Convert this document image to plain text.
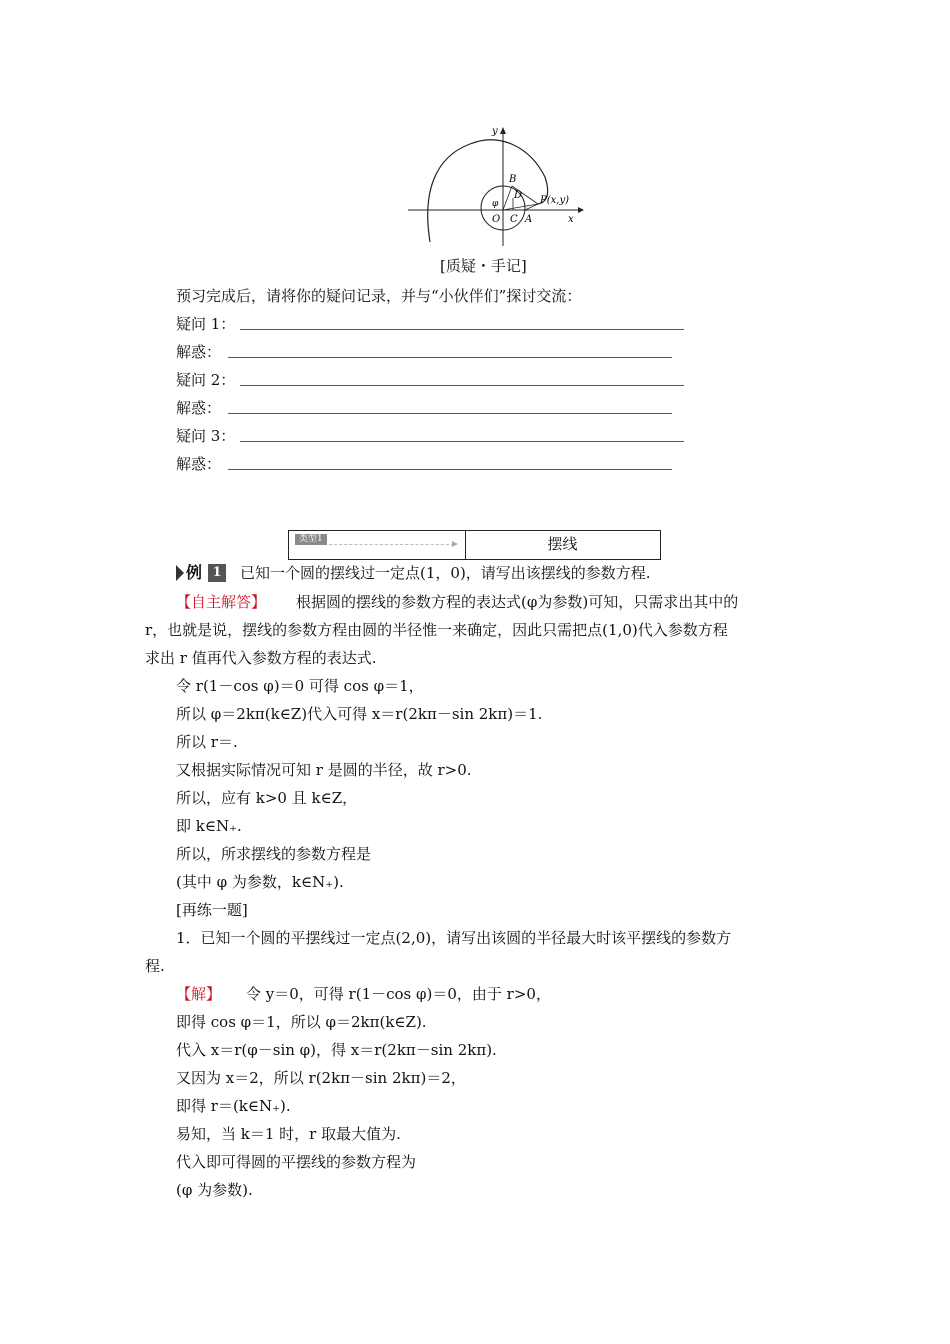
y
x
B
D P(x,y)
φ
O C A
[质疑・手记]
预习完成后，请将你的疑问记录，并与“小伙伴们”探讨交流：
疑问 1：
解惑：
疑问 2：
解惑：
疑问 3：
解惑：
类型1	摆线
例 1 已知一个圆的摆线过一定点(1，0)，请写出该摆线的参数方程.
【自主解答】 根据圆的摆线的参数方程的表达式(φ为参数)可知，只需求出其中的
r，也就是说，摆线的参数方程由圆的半径惟一来确定，因此只需把点(1,0)代入参数方程
求出 r 值再代入参数方程的表达式.
令 r(1－cos φ)＝0 可得 cos φ＝1，
所以 φ＝2kπ(k∈Z)代入可得 x＝r(2kπ－sin 2kπ)＝1.
所以 r＝.
又根据实际情况可知 r 是圆的半径，故 r>0.
所以，应有 k>0 且 k∈Z，
即 k∈N₊.
所以，所求摆线的参数方程是
(其中 φ 为参数，k∈N₊).
[再练一题]
1．已知一个圆的平摆线过一定点(2,0)，请写出该圆的半径最大时该平摆线的参数方
程.
【解】 令 y＝0，可得 r(1－cos φ)＝0，由于 r>0，
即得 cos φ＝1，所以 φ＝2kπ(k∈Z).
代入 x＝r(φ－sin φ)，得 x＝r(2kπ－sin 2kπ).
又因为 x＝2，所以 r(2kπ－sin 2kπ)＝2，
即得 r＝(k∈N₊).
易知，当 k＝1 时，r 取最大值为.
代入即可得圆的平摆线的参数方程为
(φ 为参数).
